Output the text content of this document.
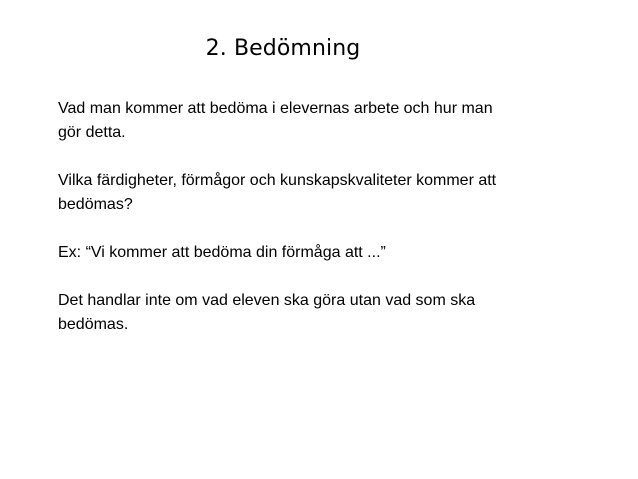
2. Bedömning

Vad man kommer att bedöma i elevernas arbete och hur man
gör detta.

Vilka färdigheter, förmågor och kunskapskvaliteter kommer att
bedömas?

Ex: “Vi kommer att bedöma din förmåga att ...”

Det handlar inte om vad eleven ska göra utan vad som ska
bedömas.
